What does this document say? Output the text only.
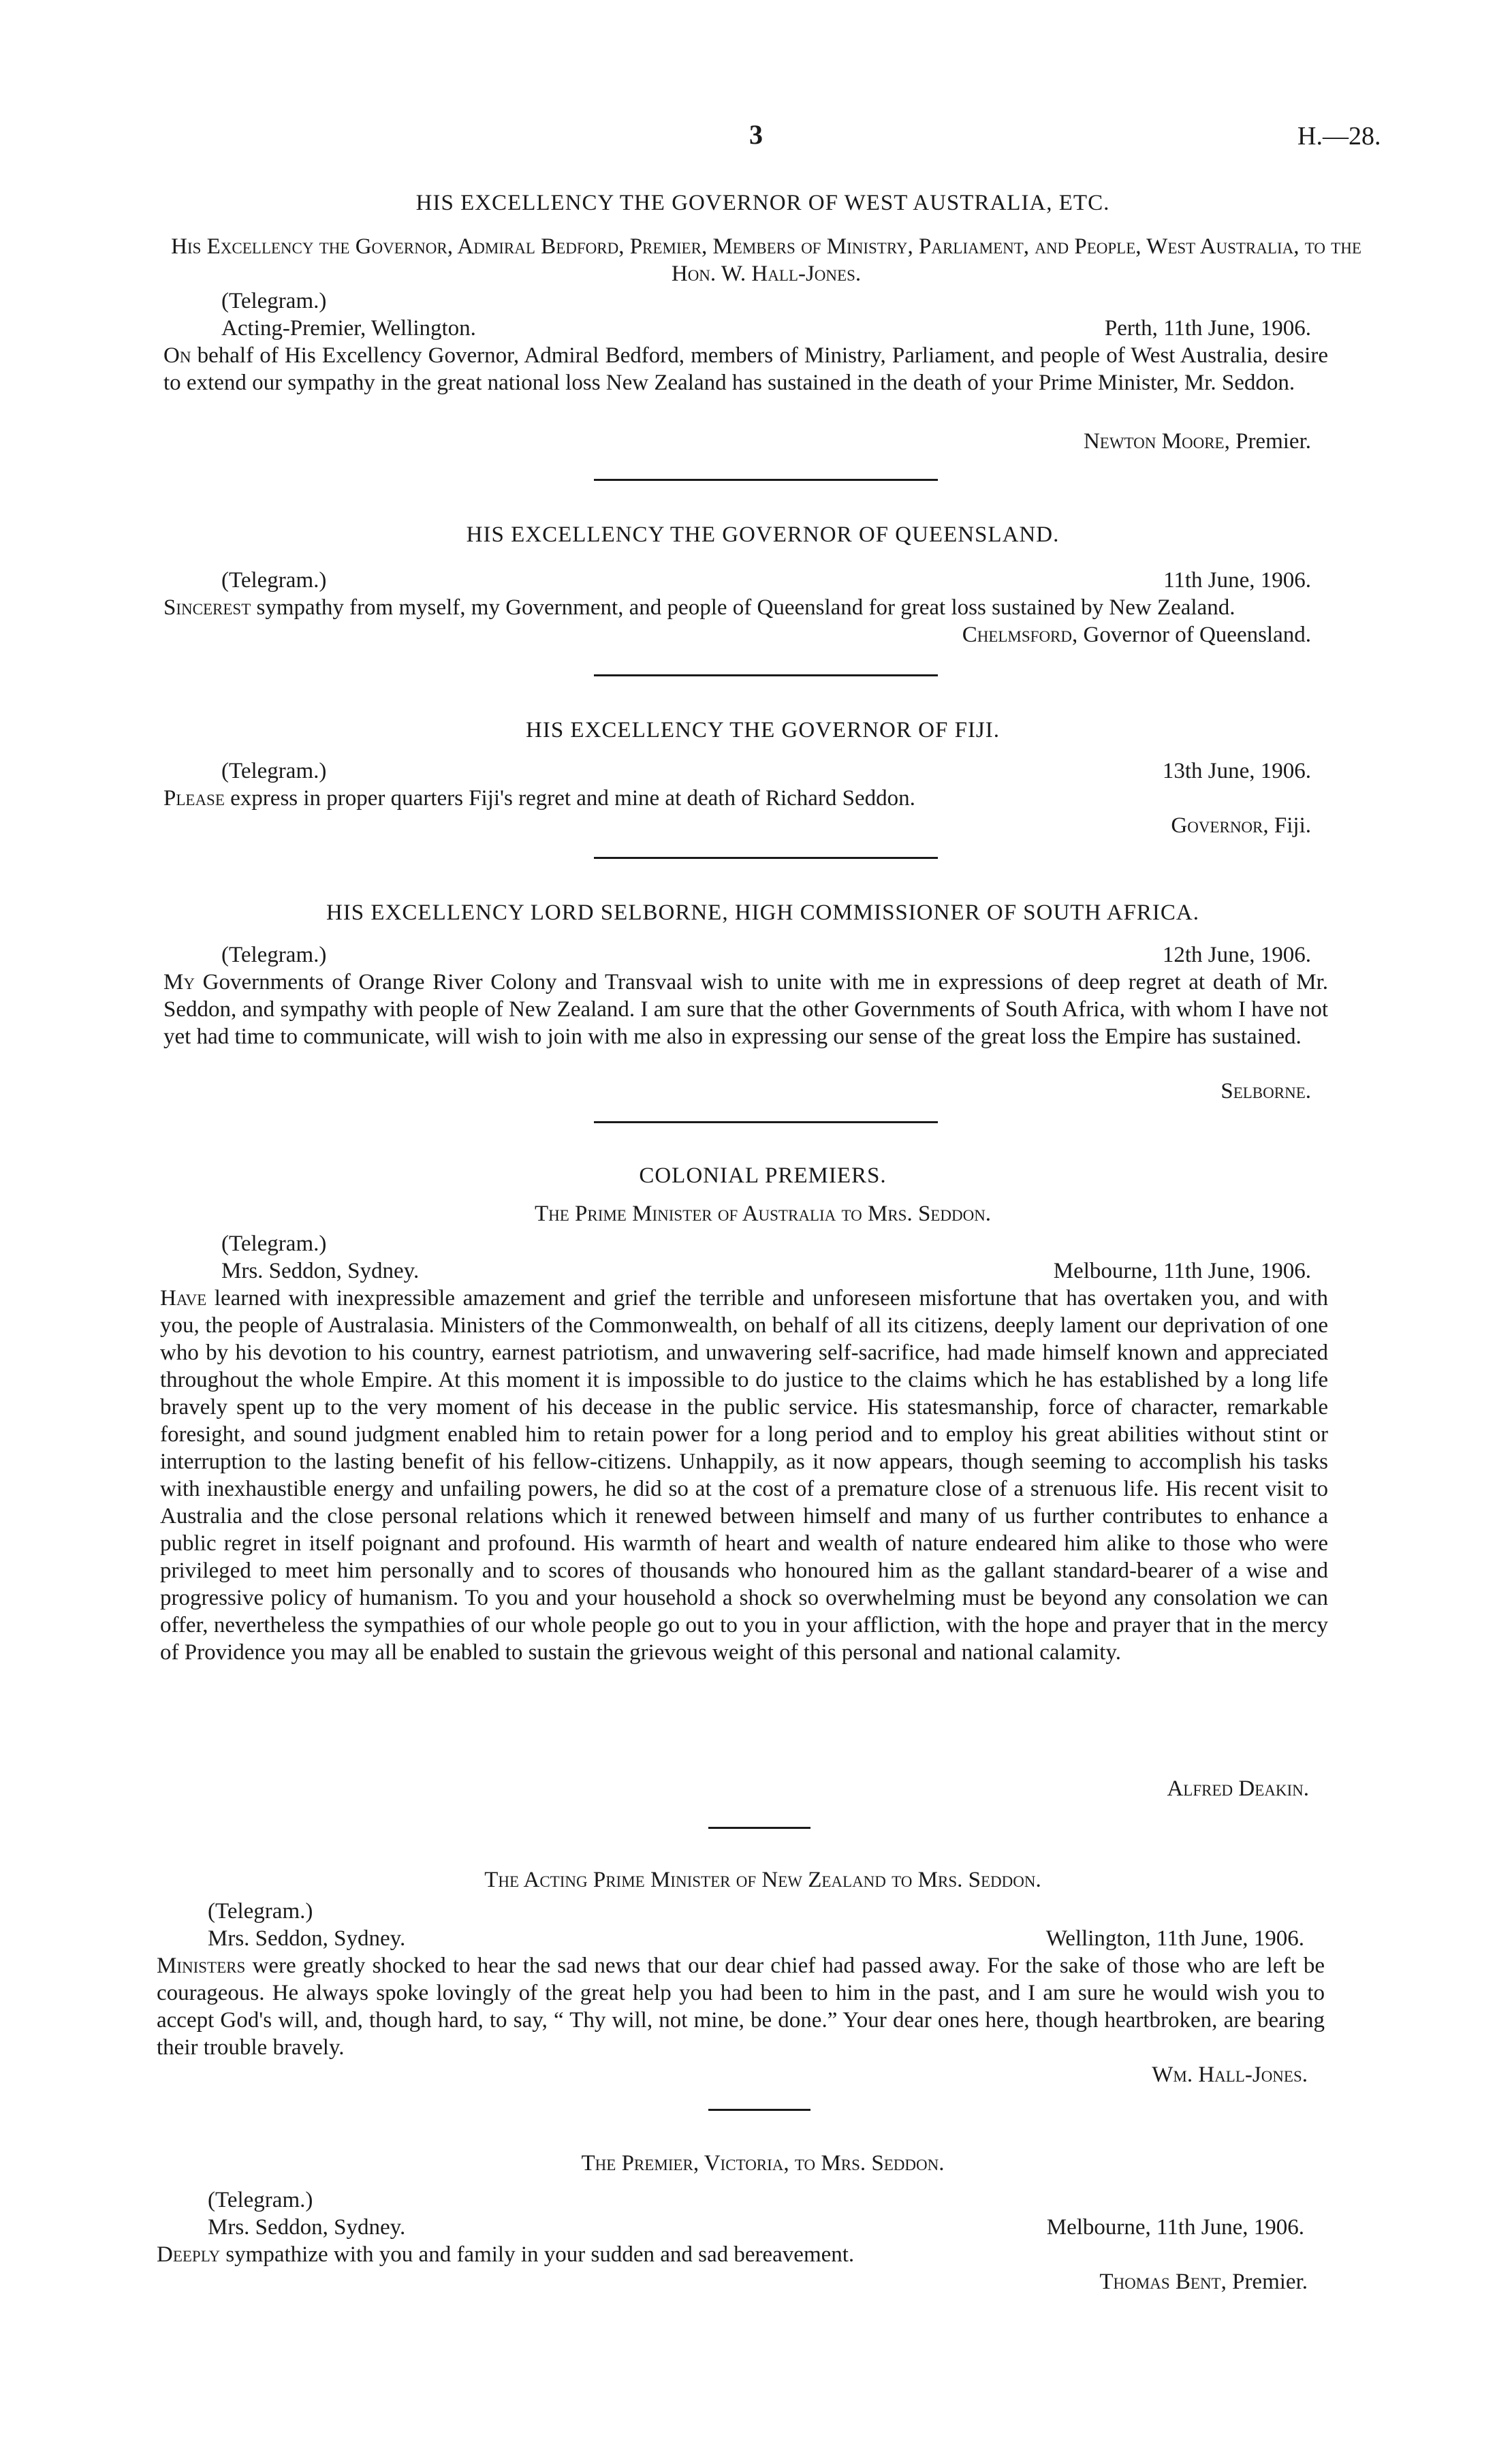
3	H.—28.
HIS EXCELLENCY THE GOVERNOR OF WEST AUSTRALIA, ETC.
His Excellency the Governor, Admiral Bedford, Premier, Members of Ministry, Parliament, and People, West Australia, to the Hon. W. Hall-Jones.
(Telegram.)
Acting-Premier, Wellington.	Perth, 11th June, 1906.
On behalf of His Excellency Governor, Admiral Bedford, members of Ministry, Parliament, and people of West Australia, desire to extend our sympathy in the great national loss New Zealand has sustained in the death of your Prime Minister, Mr. Seddon.
Newton Moore, Premier.
HIS EXCELLENCY THE GOVERNOR OF QUEENSLAND.
(Telegram.)	11th June, 1906.
Sincerest sympathy from myself, my Government, and people of Queensland for great loss sustained by New Zealand.
Chelmsford, Governor of Queensland.
HIS EXCELLENCY THE GOVERNOR OF FIJI.
(Telegram.)	13th June, 1906.
Please express in proper quarters Fiji's regret and mine at death of Richard Seddon.
Governor, Fiji.
HIS EXCELLENCY LORD SELBORNE, HIGH COMMISSIONER OF SOUTH AFRICA.
(Telegram.)	12th June, 1906.
My Governments of Orange River Colony and Transvaal wish to unite with me in expressions of deep regret at death of Mr. Seddon, and sympathy with people of New Zealand. I am sure that the other Governments of South Africa, with whom I have not yet had time to communicate, will wish to join with me also in expressing our sense of the great loss the Empire has sustained.
Selborne.
COLONIAL PREMIERS.
The Prime Minister of Australia to Mrs. Seddon.
(Telegram.)
Mrs. Seddon, Sydney.	Melbourne, 11th June, 1906.
Have learned with inexpressible amazement and grief the terrible and unforeseen misfortune that has overtaken you, and with you, the people of Australasia. Ministers of the Commonwealth, on behalf of all its citizens, deeply lament our deprivation of one who by his devotion to his country, earnest patriotism, and unwavering self-sacrifice, had made himself known and appreciated throughout the whole Empire. At this moment it is impossible to do justice to the claims which he has established by a long life bravely spent up to the very moment of his decease in the public service. His statesmanship, force of character, remarkable foresight, and sound judgment enabled him to retain power for a long period and to employ his great abilities without stint or interruption to the lasting benefit of his fellow-citizens. Unhappily, as it now appears, though seeming to accomplish his tasks with inexhaustible energy and unfailing powers, he did so at the cost of a premature close of a strenuous life. His recent visit to Australia and the close personal relations which it renewed between himself and many of us further contributes to enhance a public regret in itself poignant and profound. His warmth of heart and wealth of nature endeared him alike to those who were privileged to meet him personally and to scores of thousands who honoured him as the gallant standard-bearer of a wise and progressive policy of humanism. To you and your household a shock so overwhelming must be beyond any consolation we can offer, nevertheless the sympathies of our whole people go out to you in your affliction, with the hope and prayer that in the mercy of Providence you may all be enabled to sustain the grievous weight of this personal and national calamity.
Alfred Deakin.
The Acting Prime Minister of New Zealand to Mrs. Seddon.
(Telegram.)
Mrs. Seddon, Sydney.	Wellington, 11th June, 1906.
Ministers were greatly shocked to hear the sad news that our dear chief had passed away. For the sake of those who are left be courageous. He always spoke lovingly of the great help you had been to him in the past, and I am sure he would wish you to accept God's will, and, though hard, to say, “ Thy will, not mine, be done.” Your dear ones here, though heartbroken, are bearing their trouble bravely.
Wm. Hall-Jones.
The Premier, Victoria, to Mrs. Seddon.
(Telegram.)
Mrs. Seddon, Sydney.	Melbourne, 11th June, 1906.
Deeply sympathize with you and family in your sudden and sad bereavement.
Thomas Bent, Premier.
